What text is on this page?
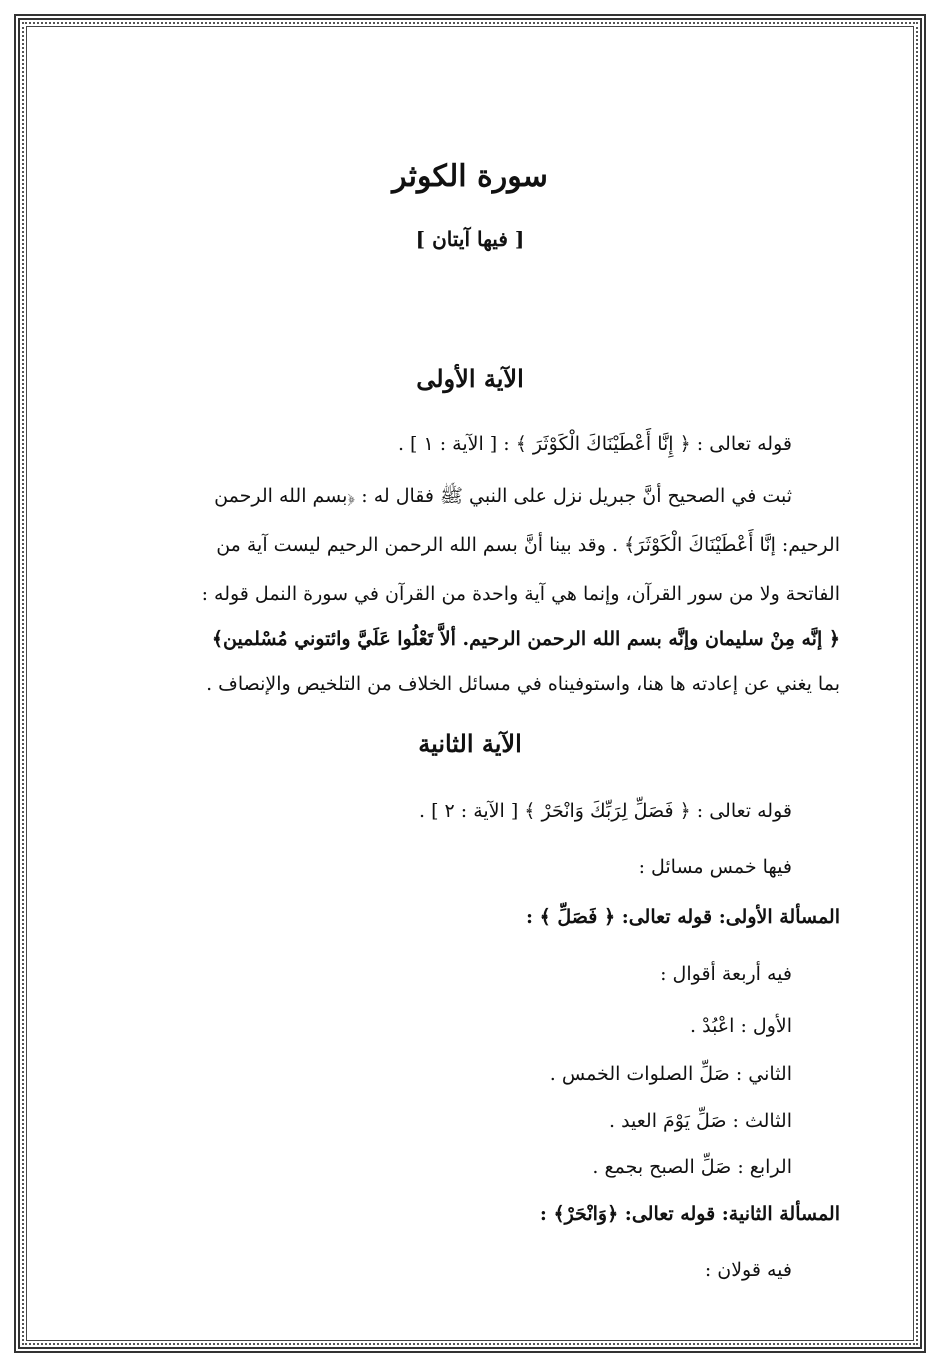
سورة الكوثر
[ فيها آيتان ]
الآية الأولى
قوله تعالى : ﴿ إِنَّا أَعْطَيْنَاكَ الْكَوْثَرَ ﴾ : [ الآية : ١ ] .
ثبت في الصحيح أنَّ جبريل نزل على النبي ﷺ فقال له : ﴿بسم الله الرحمن
الرحيم: إنَّا أَعْطَيْنَاكَ الْكَوْثَرَ﴾ . وقد بينا أنَّ بسم الله الرحمن الرحيم ليست آية من
الفاتحة ولا من سور القرآن، وإنما هي آية واحدة من القرآن في سورة النمل قوله :
﴿ إنَّه مِنْ سليمان وإنَّه بسم الله الرحمن الرحيم. ألاَّ تَعْلُوا عَلَيَّ وائتوني مُسْلمين﴾
بما يغني عن إعادته ها هنا، واستوفيناه في مسائل الخلاف من التلخيص والإنصاف .
الآية الثانية
قوله تعالى : ﴿ فَصَلِّ لِرَبِّكَ وَانْحَرْ ﴾ [ الآية : ٢ ] .
فيها خمس مسائل :
المسألة الأولى: قوله تعالى: ﴿ فَصَلِّ ﴾ :
فيه أربعة أقوال :
الأول : اعْبُدْ .
الثاني : صَلِّ الصلوات الخمس .
الثالث : صَلِّ يَوْمَ العيد .
الرابع : صَلِّ الصبح بجمع .
المسألة الثانية: قوله تعالى: ﴿وَانْحَرْ﴾ :
فيه قولان :
